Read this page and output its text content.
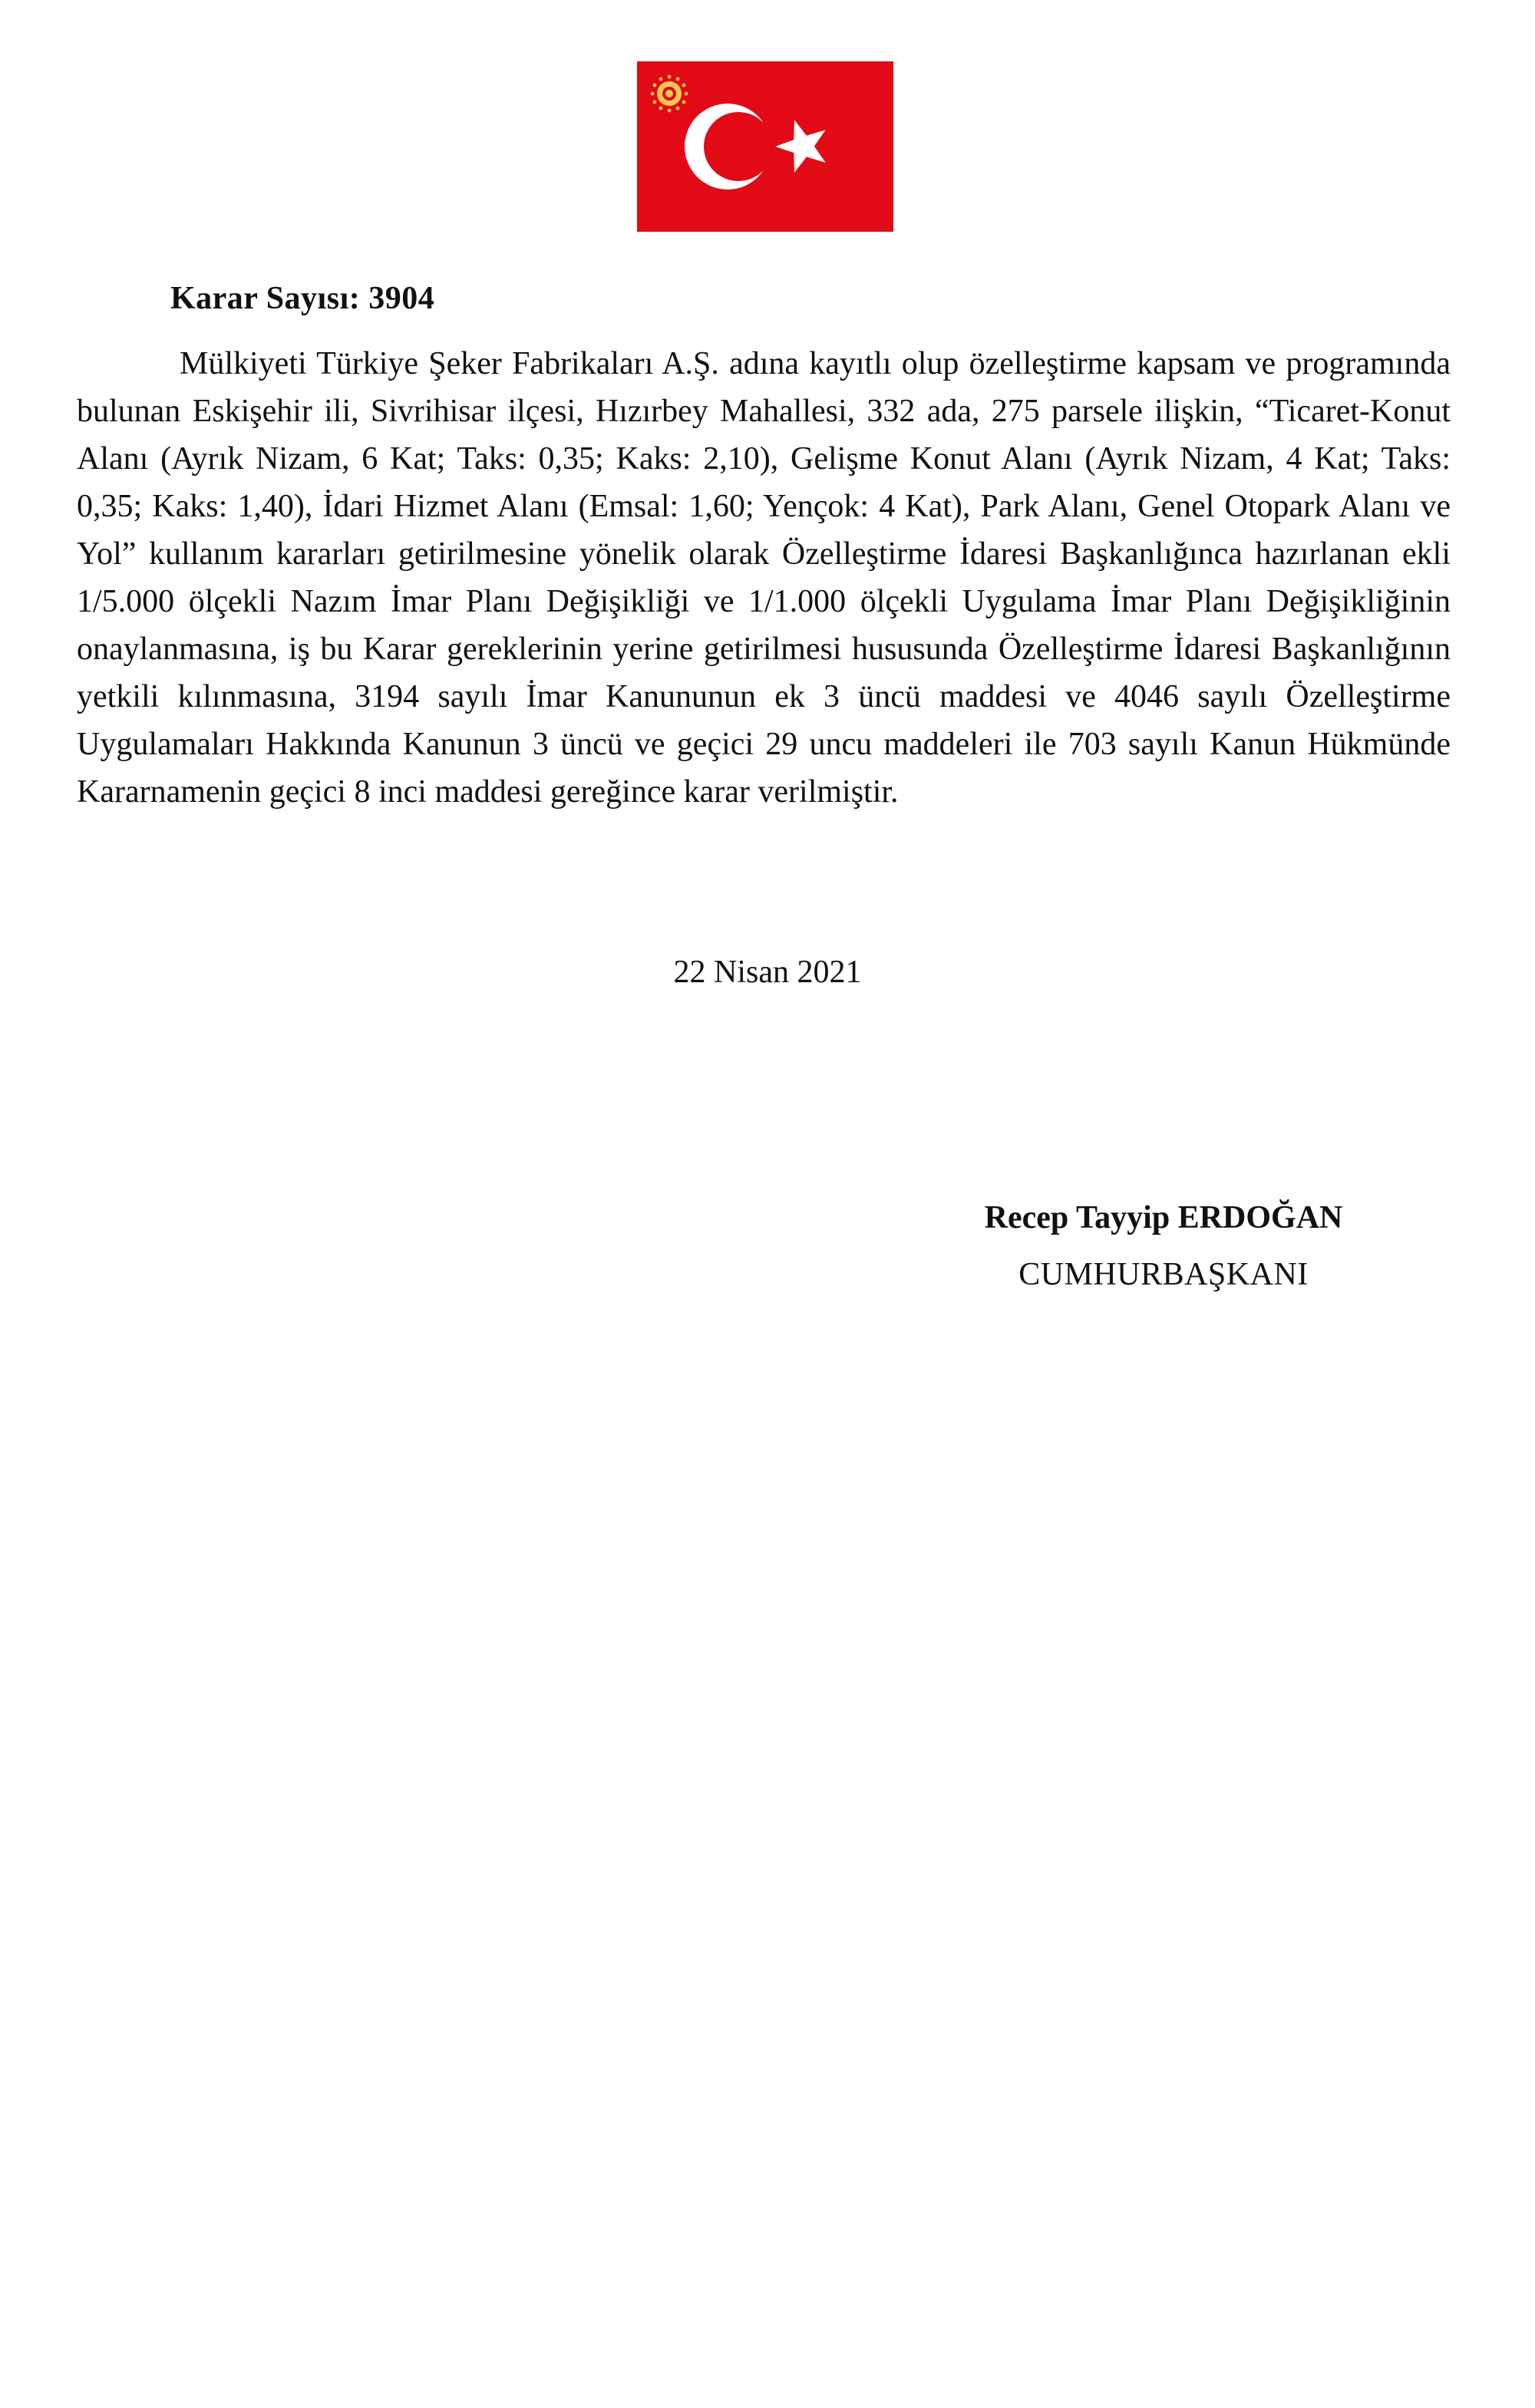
Karar Sayısı: 3904

Mülkiyeti Türkiye Şeker Fabrikaları A.Ş. adına kayıtlı olup özelleştirme kapsam ve programında bulunan Eskişehir ili, Sivrihisar ilçesi, Hızırbey Mahallesi, 332 ada, 275 parsele ilişkin, “Ticaret-Konut Alanı (Ayrık Nizam, 6 Kat; Taks: 0,35; Kaks: 2,10), Gelişme Konut Alanı (Ayrık Nizam, 4 Kat; Taks: 0,35; Kaks: 1,40), İdari Hizmet Alanı (Emsal: 1,60; Yençok: 4 Kat), Park Alanı, Genel Otopark Alanı ve Yol” kullanım kararları getirilmesine yönelik olarak Özelleştirme İdaresi Başkanlığınca hazırlanan ekli 1/5.000 ölçekli Nazım İmar Planı Değişikliği ve 1/1.000 ölçekli Uygulama İmar Planı Değişikliğinin onaylanmasına, iş bu Karar gereklerinin yerine getirilmesi hususunda Özelleştirme İdaresi Başkanlığının yetkili kılınmasına, 3194 sayılı İmar Kanununun ek 3 üncü maddesi ve 4046 sayılı Özelleştirme Uygulamaları Hakkında Kanunun 3 üncü ve geçici 29 uncu maddeleri ile 703 sayılı Kanun Hükmünde Kararnamenin geçici 8 inci maddesi gereğince karar verilmiştir.

22 Nisan 2021
Recep Tayyip ERDOĞAN
CUMHURBAŞKANI
